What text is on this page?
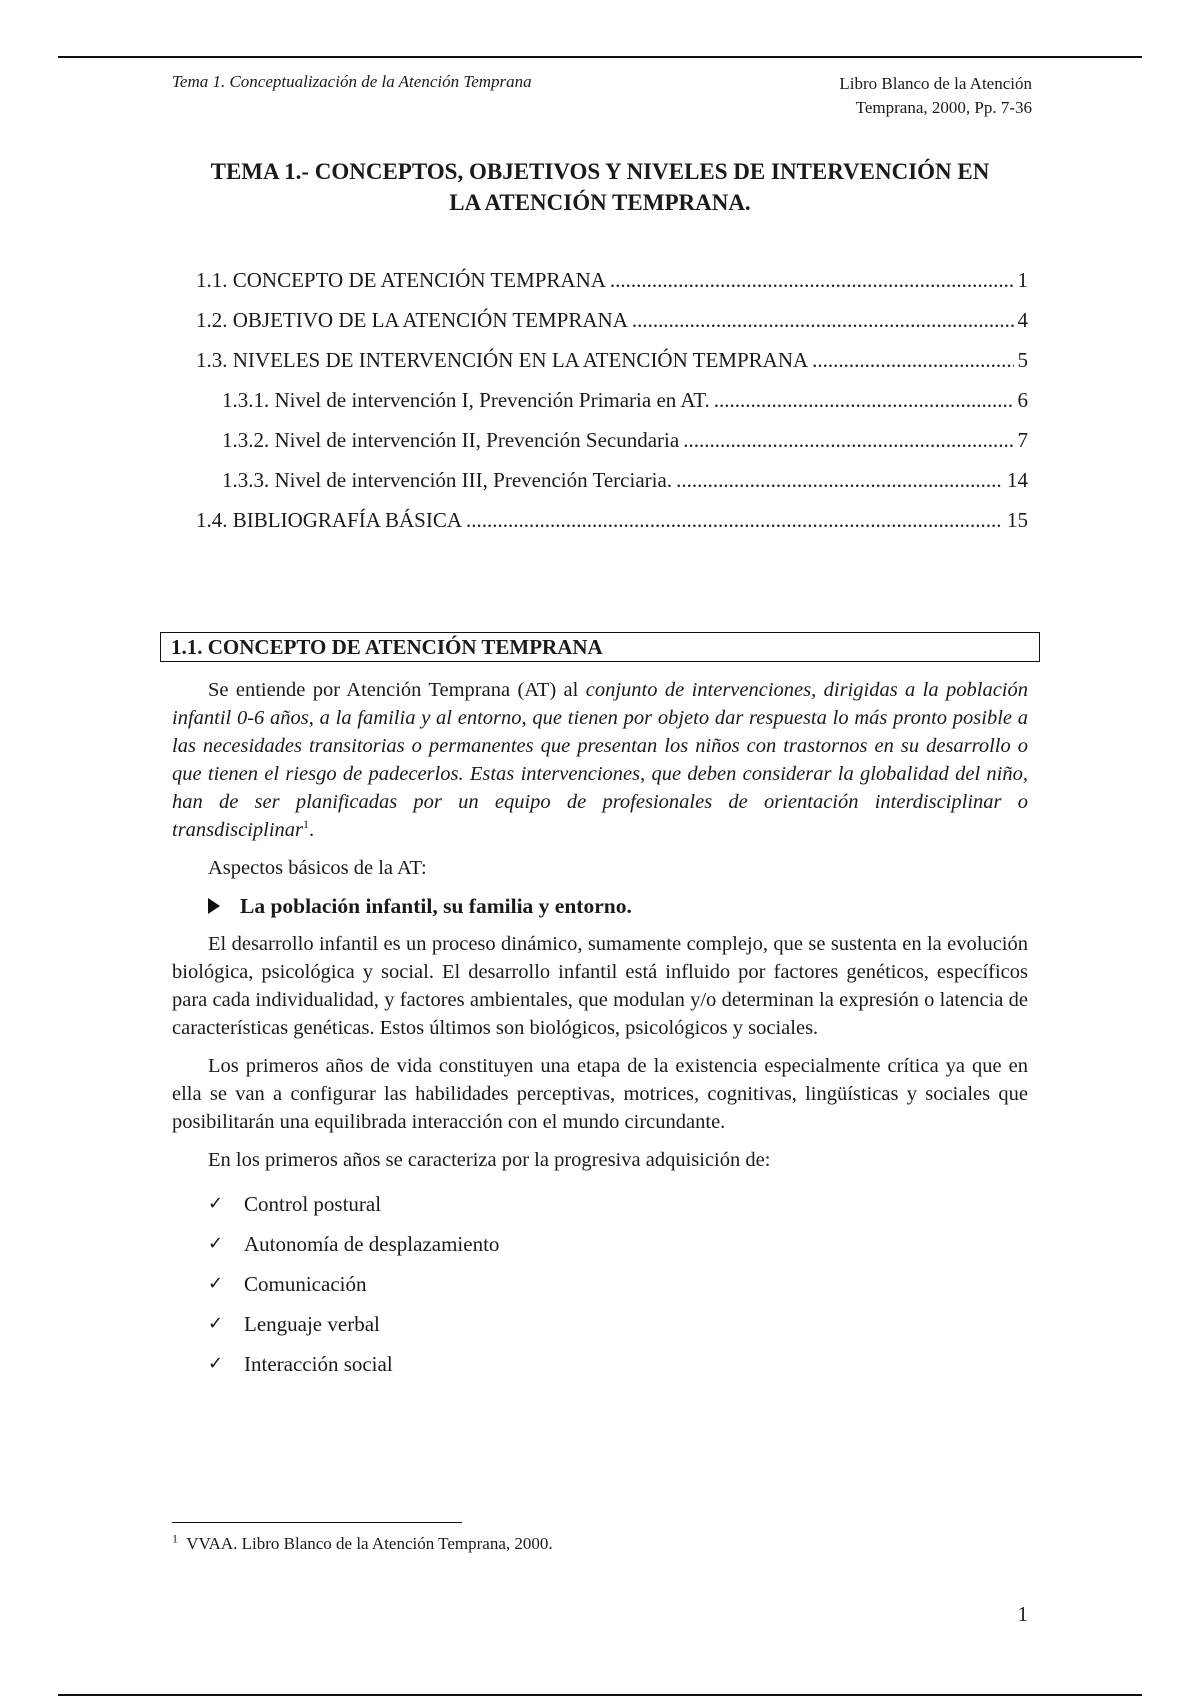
Tema 1. Conceptualización de la Atención Temprana	Libro Blanco de la Atención
Temprana, 2000, Pp. 7-36
TEMA 1.- CONCEPTOS, OBJETIVOS Y NIVELES DE INTERVENCIÓN EN
LA ATENCIÓN TEMPRANA.
1.1. CONCEPTO DE ATENCIÓN TEMPRANA .....	1
1.2. OBJETIVO DE LA ATENCIÓN TEMPRANA .....	4
1.3. NIVELES DE INTERVENCIÓN EN LA ATENCIÓN TEMPRANA .....	5
1.3.1. Nivel de intervención I, Prevención Primaria en AT. .....	6
1.3.2. Nivel de intervención II, Prevención Secundaria .....	7
1.3.3. Nivel de intervención III, Prevención Terciaria. .....	14
1.4. BIBLIOGRAFÍA BÁSICA .....	15
1.1. CONCEPTO DE ATENCIÓN TEMPRANA

Se entiende por Atención Temprana (AT) al conjunto de intervenciones, dirigidas a la población infantil 0-6 años, a la familia y al entorno, que tienen por objeto dar respuesta lo más pronto posible a las necesidades transitorias o permanentes que presentan los niños con trastornos en su desarrollo o que tienen el riesgo de padecerlos. Estas intervenciones, que deben considerar la globalidad del niño, han de ser planificadas por un equipo de profesionales de orientación interdisciplinar o transdisciplinar$^1$.

Aspectos básicos de la AT:

La población infantil, su familia y entorno.

El desarrollo infantil es un proceso dinámico, sumamente complejo, que se sustenta en la evolución biológica, psicológica y social. El desarrollo infantil está influido por factores genéticos, específicos para cada individualidad, y factores ambientales, que modulan y/o determinan la expresión o latencia de características genéticas. Estos últimos son biológicos, psicológicos y sociales.

Los primeros años de vida constituyen una etapa de la existencia especialmente crítica ya que en ella se van a configurar las habilidades perceptivas, motrices, cognitivas, lingüísticas y sociales que posibilitarán una equilibrada interacción con el mundo circundante.

En los primeros años se caracteriza por la progresiva adquisición de:

✓ Control postural
✓ Autonomía de desplazamiento
✓ Comunicación
✓ Lenguaje verbal
✓ Interacción social
$^1$ VVAA. Libro Blanco de la Atención Temprana, 2000.
1
